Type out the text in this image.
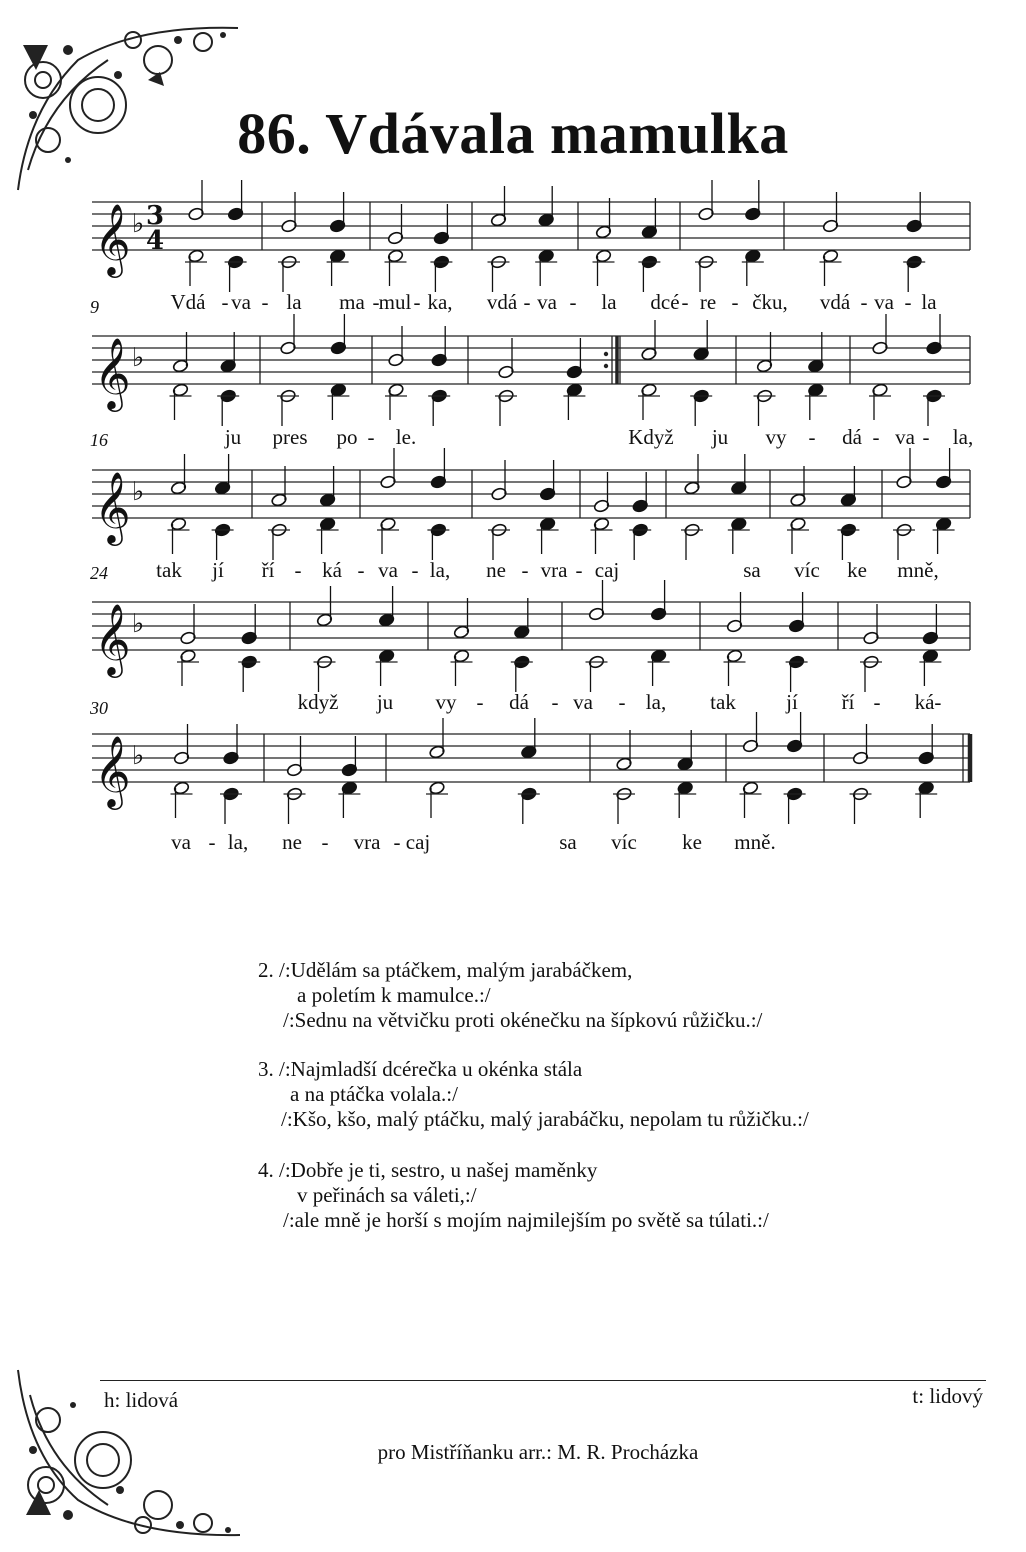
86. Vdávala mamulka
𝄞 ♭ 3
4
𝄞 ♭
𝄞 ♭
𝄞 ♭
𝄞 ♭
9
16
24
30
Vdá - va - la ma - mul - ka, vdá - va - la dcé - re - čku, vdá - va - la
ju pres po - le.	Když ju vy - dá - va - la,
tak jí ří - ká - va - la, ne - vra - caj	sa víc ke mně,
když ju vy - dá - va - la, tak jí ří - ká-
va - la, ne - vra - caj	sa víc ke mně.
2. /:Udělám sa ptáčkem, malým jarabáčkem,
a poletím k mamulce.:/
/:Sednu na větvičku proti okénečku na šípkovú růžičku.:/
3. /:Najmladší dcérečka u okénka stála
a na ptáčka volala.:/
/:Kšo, kšo, malý ptáčku, malý jarabáčku, nepolam tu růžičku.:/
4. /:Dobře je ti, sestro, u našej maměnky
v peřinách sa váleti,:/
/:ale mně je horší s mojím najmilejším po světě sa túlati.:/
h: lidová	t: lidový
pro Mistříňanku arr.: M. R. Procházka
